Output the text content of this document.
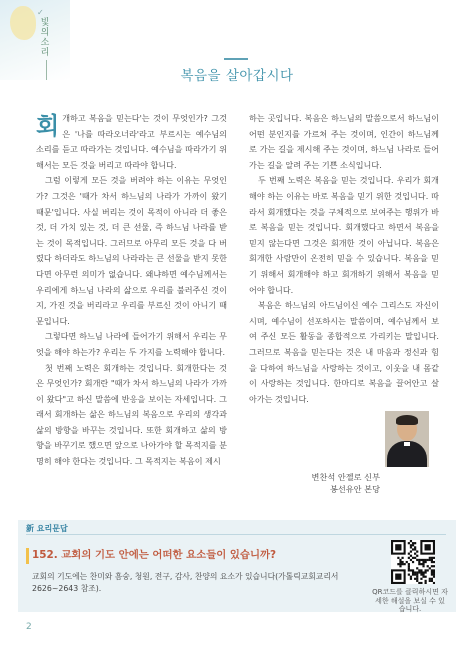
✓
빛의 소리
복음을 살아갑시다

회개하고 복음을 믿는다'는 것이 무엇인가? 그것은 '나를 따라오너라'라고 부르시는 예수님의 소리를 듣고 따라가는 것입니다. 예수님을 따라가기 위해서는 모든 것을 버리고 따라야 합니다.

그럼 이렇게 모든 것을 버려야 하는 이유는 무엇인가? 그것은 '때가 차서 하느님의 나라가 가까이 왔기 때문'입니다. 사실 버리는 것이 목적이 아니라 더 좋은 것, 더 가치 있는 것, 더 큰 선물, 즉 하느님 나라를 받는 것이 목적입니다. 그러므로 아무리 모든 것을 다 버렸다 하더라도 하느님의 나라라는 큰 선물을 받지 못한다면 아무런 의미가 없습니다. 왜냐하면 예수님께서는 우리에게 하느님 나라의 삶으로 우리를 불러주신 것이지, 가진 것을 버리라고 우리를 부르신 것이 아니기 때문입니다.

그렇다면 하느님 나라에 들어가기 위해서 우리는 무엇을 해야 하는가? 우리는 두 가지를 노력해야 합니다.

첫 번째 노력은 회개하는 것입니다. 회개한다는 것은 무엇인가? 회개란 "때가 차서 하느님의 나라가 가까이 왔다"고 하신 말씀에 반응을 보이는 자세입니다. 그래서 회개하는 삶은 하느님의 복음으로 우리의 생각과 삶의 방향을 바꾸는 것입니다. 또한 회개하고 삶의 방향을 바꾸기로 했으면 앞으로 나아가야 할 목적지를 분명히 해야 한다는 것입니다. 그 목적지는 복음이 제시

하는 곳입니다. 복음은 하느님의 말씀으로서 하느님이 어떤 분인지를 가르쳐 주는 것이며, 인간이 하느님께로 가는 길을 제시해 주는 것이며, 하느님 나라로 들어가는 길을 알려 주는 기쁜 소식입니다.

두 번째 노력은 복음을 믿는 것입니다. 우리가 회개해야 하는 이유는 바로 복음을 믿기 위한 것입니다. 따라서 회개했다는 것을 구체적으로 보여주는 행위가 바로 복음을 믿는 것입니다. 회개했다고 하면서 복음을 믿지 않는다면 그것은 회개한 것이 아닙니다. 복음은 회개한 사람만이 온전히 믿을 수 있습니다. 복음을 믿기 위해서 회개해야 하고 회개하기 위해서 복음을 믿어야 합니다.

복음은 하느님의 아드님이신 예수 그리스도 자신이시며, 예수님이 선포하시는 말씀이며, 예수님께서 보여 주신 모든 활동을 종합적으로 가리키는 말입니다. 그러므로 복음을 믿는다는 것은 내 마음과 정신과 힘을 다하여 하느님을 사랑하는 것이고, 이웃을 내 몸같이 사랑하는 것입니다. 한마디로 복음을 끌어안고 살아가는 것입니다.

변찬석 안젤로 신부
봉선유안 본당
新 요리문답
152. 교회의 기도 안에는 어떠한 요소들이 있습니까?
교회의 기도에는 찬미와 흠숭, 청원, 전구, 감사, 찬양의 요소가 있습니다(가톨릭교회교리서 2626~2643 참조).	QR코드를 클릭하시면 자세한 해설을 보실 수 있습니다.
2
